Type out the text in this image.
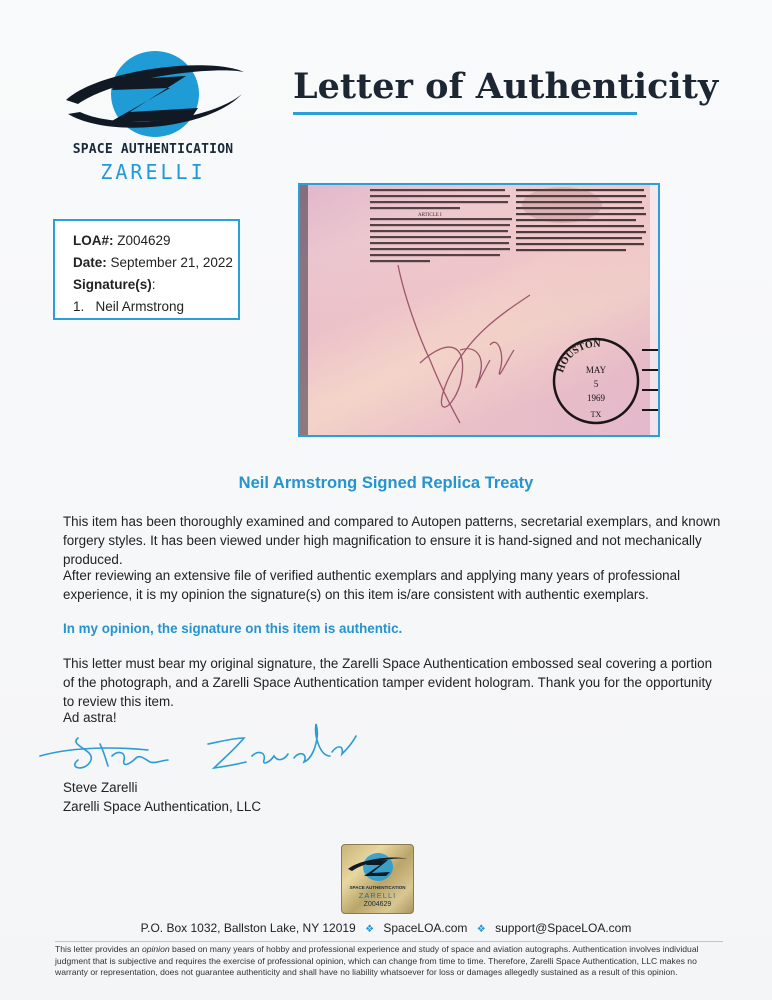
SPACE AUTHENTICATION
ZARELLI
Letter of Authenticity
LOA#: Z004629
Date: September 21, 2022
Signature(s):
1. Neil Armstrong
ARTICLE I
HOUSTON
MAY
5
1969
TX
Neil Armstrong Signed Replica Treaty
This item has been thoroughly examined and compared to Autopen patterns, secretarial exemplars, and known forgery styles. It has been viewed under high magnification to ensure it is hand-signed and not mechanically produced.
After reviewing an extensive file of verified authentic exemplars and applying many years of professional experience, it is my opinion the signature(s) on this item is/are consistent with authentic exemplars.
In my opinion, the signature on this item is authentic.
This letter must bear my original signature, the Zarelli Space Authentication embossed seal covering a portion of the photograph, and a Zarelli Space Authentication tamper evident hologram. Thank you for the opportunity to review this item.
Ad astra!
Steve Zarelli
Zarelli Space Authentication, LLC
SPACE AUTHENTICATION
ZARELLI
Z004629
P.O. Box 1032, Ballston Lake, NY 12019 ❖ SpaceLOA.com ❖ support@SpaceLOA.com
This letter provides an opinion based on many years of hobby and professional experience and study of space and aviation autographs. Authentication involves individual judgment that is subjective and requires the exercise of professional opinion, which can change from time to time. Therefore, Zarelli Space Authentication, LLC makes no warranty or representation, does not guarantee authenticity and shall have no liability whatsoever for loss or damages allegedly sustained as a result of this opinion.
